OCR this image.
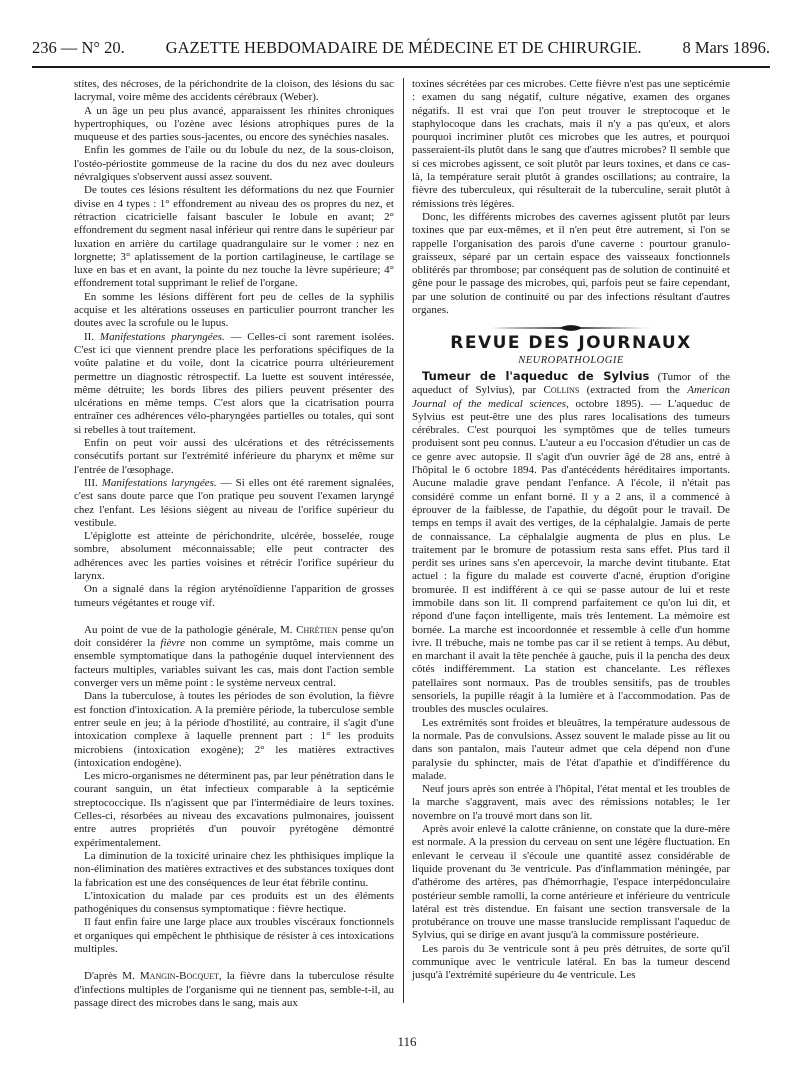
236 — N° 20. GAZETTE HEBDOMADAIRE DE MÉDECINE ET DE CHIRURGIE. 8 Mars 1896.

stites, des nécroses, de la périchondrite de la cloison, des lésions du sac lacrymal, voire même des accidents cérébraux (Weber).

A un âge un peu plus avancé, apparaissent les rhinites chroniques hypertrophiques, ou l'ozène avec lésions atrophiques pures de la muqueuse et des parties sous-jacentes, ou encore des synéchies nasales.

Enfin les gommes de l'aile ou du lobule du nez, de la sous-cloison, l'ostéo-périostite gommeuse de la racine du dos du nez avec douleurs névralgiques s'observent aussi assez souvent.

De toutes ces lésions résultent les déformations du nez que Fournier divise en 4 types : 1° effondrement au niveau des os propres du nez, et rétraction cicatricielle faisant basculer le lobule en avant; 2° effondrement du segment nasal inférieur qui rentre dans le supérieur par luxation en arrière du cartilage quadrangulaire sur le vomer : nez en lorgnette; 3° aplatissement de la portion cartilagineuse, le cartilage se luxe en bas et en avant, la pointe du nez touche la lèvre supérieure; 4° effondrement total supprimant le relief de l'organe.

En somme les lésions diffèrent fort peu de celles de la syphilis acquise et les altérations osseuses en particulier pourront trancher les doutes avec la scrofule ou le lupus.

II. Manifestations pharyngées. — Celles-ci sont rarement isolées. C'est ici que viennent prendre place les perforations spécifiques de la voûte palatine et du voile, dont la cicatrice pourra ultérieurement permettre un diagnostic rétrospectif. La luette est souvent intéressée, même détruite; les bords libres des piliers peuvent présenter des ulcérations en même temps. C'est alors que la cicatrisation pourra entraîner ces adhérences vélo-pharyngées partielles ou totales, qui sont si rebelles à tout traitement.

Enfin on peut voir aussi des ulcérations et des rétrécissements consécutifs portant sur l'extrémité inférieure du pharynx et même sur l'entrée de l'œsophage.

III. Manifestations laryngées. — Si elles ont été rarement signalées, c'est sans doute parce que l'on pratique peu souvent l'examen laryngé chez l'enfant. Les lésions siègent au niveau de l'orifice supérieur du vestibule.

L'épiglotte est atteinte de périchondrite, ulcérée, bosselée, rouge sombre, absolument méconnaissable; elle peut contracter des adhérences avec les parties voisines et rétrécir l'orifice supérieur du larynx.

On a signalé dans la région aryténoïdienne l'apparition de grosses tumeurs végétantes et rouge vif.

Au point de vue de la pathologie générale, M. Chrétien pense qu'on doit considérer la fièvre non comme un symptôme, mais comme un ensemble symptomatique dans la pathogénie duquel interviennent des facteurs multiples, variables suivant les cas, mais dont l'action semble converger vers un même point : le système nerveux central.

Dans la tuberculose, à toutes les périodes de son évolution, la fièvre est fonction d'intoxication. A la première période, la tuberculose semble entrer seule en jeu; à la période d'hostilité, au contraire, il s'agit d'une intoxication complexe à laquelle prennent part : 1° les produits microbiens (intoxication exogène); 2° les matières extractives (intoxication endogène).

Les micro-organismes ne déterminent pas, par leur pénétration dans le courant sanguin, un état infectieux comparable à la septicémie streptococcique. Ils n'agissent que par l'intermédiaire de leurs toxines. Celles-ci, résorbées au niveau des excavations pulmonaires, jouissent entre autres propriétés d'un pouvoir pyrétogène démontré expérimentalement.

La diminution de la toxicité urinaire chez les phthisiques implique la non-élimination des matières extractives et des substances toxiques dont la fabrication est une des conséquences de leur état fébrile continu.

L'intoxication du malade par ces produits est un des éléments pathogéniques du consensus symptomatique : fièvre hectique.

Il faut enfin faire une large place aux troubles viscéraux fonctionnels et organiques qui empêchent le phthisique de résister à ces intoxications multiples.

D'après M. Mangin-Bocquet, la fièvre dans la tuberculose résulte d'infections multiples de l'organisme qui ne tiennent pas, semble-t-il, au passage direct des microbes dans le sang, mais aux

toxines sécrétées par ces microbes. Cette fièvre n'est pas une septicémie : examen du sang négatif, culture négative, examen des organes négatifs. Il est vrai que l'on peut trouver le streptocoque et le staphylocoque dans les crachats, mais il n'y a pas qu'eux, et alors pourquoi incriminer plutôt ces microbes que les autres, et pourquoi passeraient-ils plutôt dans le sang que d'autres microbes? Il semble que si ces microbes agissent, ce soit plutôt par leurs toxines, et dans ce cas-là, la température serait plutôt à grandes oscillations; au contraire, la fièvre des tuberculeux, qui résulterait de la tuberculine, serait plutôt à rémissions très légères.

Donc, les différents microbes des cavernes agissent plutôt par leurs toxines que par eux-mêmes, et il n'en peut être autrement, si l'on se rappelle l'organisation des parois d'une caverne : pourtour granulo-graisseux, séparé par un certain espace des vaisseaux fonctionnels oblitérés par thrombose; par conséquent pas de solution de continuité et gêne pour le passage des microbes, qui, parfois peut se faire cependant, par une solution de continuité ou par des infections résultant d'autres organes.

REVUE DES JOURNAUX
NEUROPATHOLOGIE

Tumeur de l'aqueduc de Sylvius (Tumor of the aqueduct of Sylvius), par Collins (extracted from the American Journal of the medical sciences, octobre 1895). — L'aqueduc de Sylvius est peut-être une des plus rares localisations des tumeurs cérébrales. C'est pourquoi les symptômes que de telles tumeurs produisent sont peu connus. L'auteur a eu l'occasion d'étudier un cas de ce genre avec autopsie. Il s'agit d'un ouvrier âgé de 28 ans, entré à l'hôpital le 6 octobre 1894. Pas d'antécédents héréditaires importants. Aucune maladie grave pendant l'enfance. A l'école, il n'était pas considéré comme un enfant borné. Il y a 2 ans, il a commencé à éprouver de la faiblesse, de l'apathie, du dégoût pour le travail. De temps en temps il avait des vertiges, de la céphalalgie. Jamais de perte de connaissance. La céphalalgie augmenta de plus en plus. Le traitement par le bromure de potassium resta sans effet. Plus tard il perdit ses urines sans s'en apercevoir, la marche devint titubante. Etat actuel : la figure du malade est couverte d'acné, éruption d'origine bromurée. Il est indifférent à ce qui se passe autour de lui et reste immobile dans son lit. Il comprend parfaitement ce qu'on lui dit, et répond d'une façon intelligente, mais très lentement. La mémoire est bornée. La marche est incoordonnée et ressemble à celle d'un homme ivre. Il trébuche, mais ne tombe pas car il se retient à temps. Au début, en marchant il avait la tête penchée à gauche, puis il la pencha des deux côtés indifféremment. La station est chancelante. Les réflexes patellaires sont normaux. Pas de troubles sensitifs, pas de troubles sensoriels, la pupille réagit à la lumière et à l'accommodation. Pas de troubles des muscles oculaires.

Les extrémités sont froides et bleuâtres, la température audessous de la normale. Pas de convulsions. Assez souvent le malade pisse au lit ou dans son pantalon, mais l'auteur admet que cela dépend non d'une paralysie du sphincter, mais de l'état d'apathie et d'indifférence du malade.

Neuf jours après son entrée à l'hôpital, l'état mental et les troubles de la marche s'aggravent, mais avec des rémissions notables; le 1er novembre on l'a trouvé mort dans son lit.

Après avoir enlevé la calotte crânienne, on constate que la dure-mère est normale. A la pression du cerveau on sent une légère fluctuation. En enlevant le cerveau il s'écoule une quantité assez considérable de liquide provenant du 3e ventricule. Pas d'inflammation méningée, par d'athérome des artères, pas d'hémorrhagie, l'espace interpédonculaire postérieur semble ramolli, la corne antérieure et inférieure du ventricule latéral est très distendue. En faisant une section transversale de la protubérance on trouve une masse translucide remplissant l'aqueduc de Sylvius, qui se dirige en avant jusqu'à la commissure postérieure.

Les parois du 3e ventricule sont à peu près détruites, de sorte qu'il communique avec le ventricule latéral. En bas la tumeur descend jusqu'à l'extrémité supérieure du 4e ventricule. Les

116
